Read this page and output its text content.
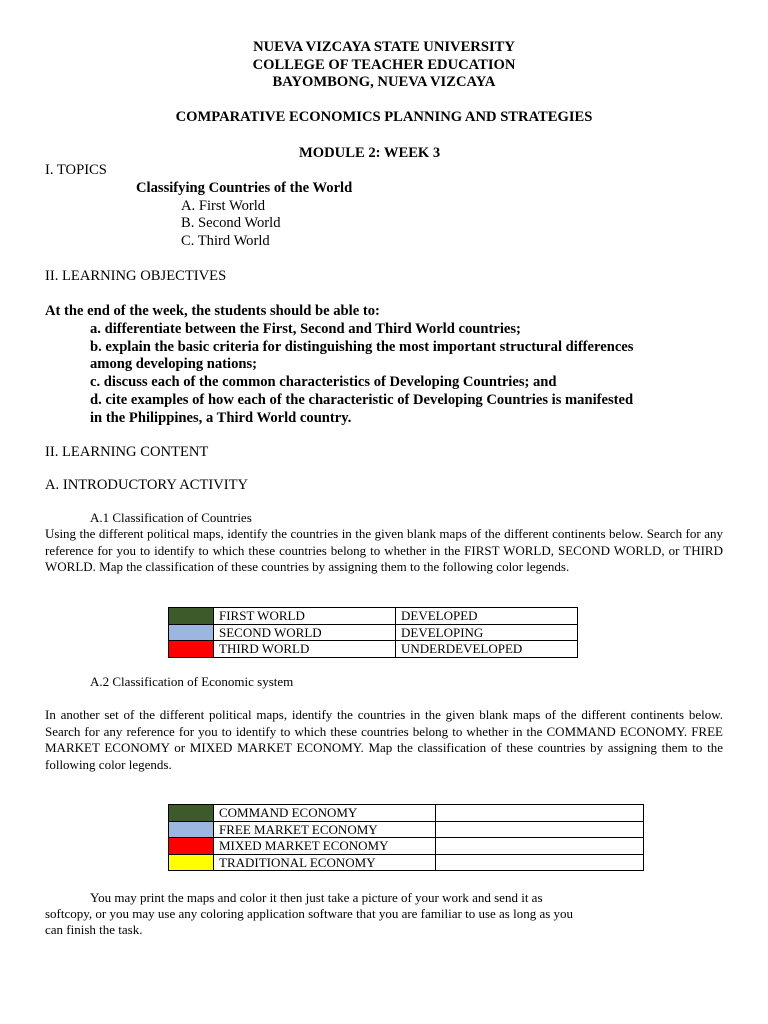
NUEVA VIZCAYA STATE UNIVERSITY
COLLEGE OF TEACHER EDUCATION
BAYOMBONG, NUEVA VIZCAYA
COMPARATIVE ECONOMICS PLANNING AND STRATEGIES
MODULE 2: WEEK 3
I. TOPICS
Classifying Countries of the World
A. First World
B. Second World
C. Third World
II. LEARNING OBJECTIVES
At the end of the week, the students should be able to:
a. differentiate between the First, Second and Third World countries;
b. explain the basic criteria for distinguishing the most important structural differences
among developing nations;
c. discuss each of the common characteristics of Developing Countries; and
d. cite examples of how each of the characteristic of Developing Countries is manifested
in the Philippines, a Third World country.
II. LEARNING CONTENT
A. INTRODUCTORY ACTIVITY
A.1 Classification of Countries
Using the different political maps, identify the countries in the given blank maps of the different continents below. Search for any reference for you to identify to which these countries belong to whether in the FIRST WORLD, SECOND WORLD, or THIRD WORLD. Map the classification of these countries by assigning them to the following color legends.
	FIRST WORLD	DEVELOPED
	SECOND WORLD	DEVELOPING
	THIRD WORLD	UNDERDEVELOPED
A.2 Classification of Economic system
In another set of the different political maps, identify the countries in the given blank maps of the different continents below. Search for any reference for you to identify to which these countries belong to whether in the COMMAND ECONOMY. FREE MARKET ECONOMY or MIXED MARKET ECONOMY. Map the classification of these countries by assigning them to the following color legends.
	COMMAND ECONOMY	
	FREE MARKET ECONOMY	
	MIXED MARKET ECONOMY	
	TRADITIONAL ECONOMY	
You may print the maps and color it then just take a picture of your work and send it as
softcopy, or you may use any coloring application software that you are familiar to use as long as you
can finish the task.
